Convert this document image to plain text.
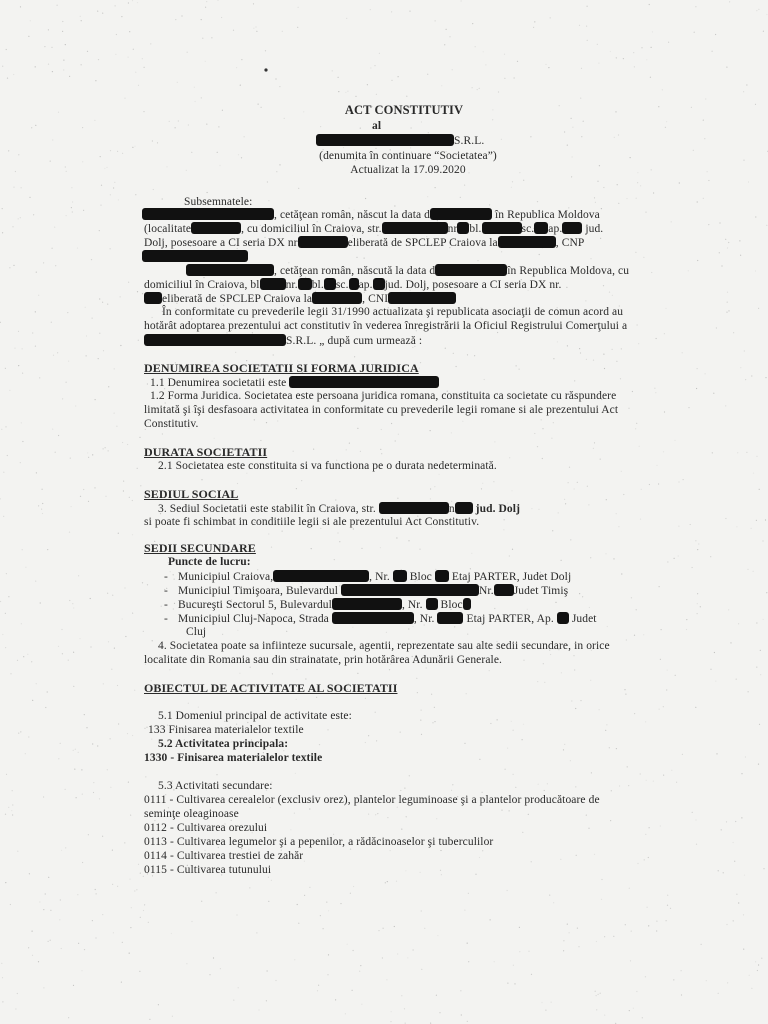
ACT CONSTITUTIV
al
S.R.L.
(denumita în continuare “Societatea”)
Actualizat la 17.09.2020
Subsemnatele:
, cetăţean român, născut la data d	în Republica Moldova
(localitate	, cu domiciliul în Craiova, str.	nr bl.	sc. ap. jud.
Dolj, posesoare a CI seria DX nr	eliberată de SPCLEP Craiova la	, CNP
, cetăţean român, născută la data d	în Republica Moldova, cu
domiciliul în Craiova, bl nr. bl. sc. ap. jud. Dolj, posesoare a CI seria DX nr.
eliberată de SPCLEP Craiova la	, CNI
În conformitate cu prevederile legii 31/1990 actualizata şi republicata asociaţii de comun acord au
hotărât adoptarea prezentului act constitutiv în vederea înregistrării la Oficiul Registrului Comerţului a
S.R.L. „ după cum urmează :
DENUMIREA SOCIETATII SI FORMA JURIDICA
1.1 Denumirea societatii este
1.2 Forma Juridica. Societatea este persoana juridica romana, constituita ca societate cu răspundere
limitată şi îşi desfasoara activitatea in conformitate cu prevederile legii romane si ale prezentului Act
Constitutiv.
DURATA SOCIETATII
2.1 Societatea este constituita si va functiona pe o durata nedeterminată.
SEDIUL SOCIAL
3. Sediul Societatii este stabilit în Craiova, str.	n jud. Dolj
si poate fi schimbat in conditiile legii si ale prezentului Act Constitutiv.
SEDII SECUNDARE
Puncte de lucru:
- Municipiul Craiova,	, Nr. Bloc Etaj PARTER, Judet Dolj
- Municipiul Timişoara, Bulevardul	Nr. Judet Timiş
- Bucureşti Sectorul 5, Bulevardul	, Nr. Bloc
- Municipiul Cluj-Napoca, Strada	, Nr.	Etaj PARTER, Ap. Judet
Cluj
4. Societatea poate sa infiinteze sucursale, agentii, reprezentate sau alte sedii secundare, in orice
localitate din Romania sau din strainatate, prin hotărârea Adunării Generale.
OBIECTUL DE ACTIVITATE AL SOCIETATII
5.1 Domeniul principal de activitate este:
133 Finisarea materialelor textile
5.2 Activitatea principala:
1330 - Finisarea materialelor textile
5.3 Activitati secundare:
0111 - Cultivarea cerealelor (exclusiv orez), plantelor leguminoase şi a plantelor producătoare de
seminţe oleaginoase
0112 - Cultivarea orezului
0113 - Cultivarea legumelor şi a pepenilor, a rădăcinoaselor şi tuberculilor
0114 - Cultivarea trestiei de zahăr
0115 - Cultivarea tutunului
